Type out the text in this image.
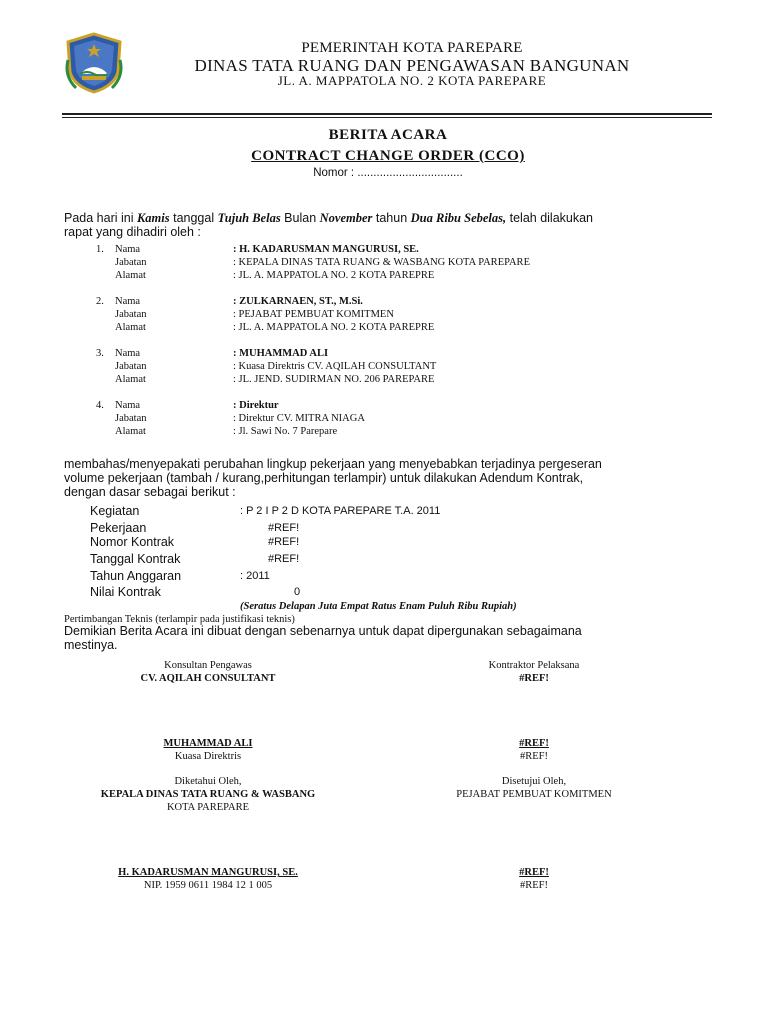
PEMERINTAH KOTA PAREPARE
DINAS TATA RUANG DAN PENGAWASAN BANGUNAN
JL. A. MAPPATOLA NO. 2 KOTA PAREPARE
BERITA ACARA
CONTRACT CHANGE ORDER (CCO)
Nomor : .................................
Pada hari ini Kamis tanggal Tujuh Belas Bulan November tahun Dua Ribu Sebelas, telah dilakukan
rapat yang dihadiri oleh :
1. Nama	: H. KADARUSMAN MANGURUSI, SE.
Jabatan	: KEPALA DINAS TATA RUANG & WASBANG KOTA PAREPARE
Alamat	: JL. A. MAPPATOLA NO. 2 KOTA PAREPRE
2. Nama	: ZULKARNAEN, ST., M.Si.
Jabatan	: PEJABAT PEMBUAT KOMITMEN
Alamat	: JL. A. MAPPATOLA NO. 2 KOTA PAREPRE
3. Nama	: MUHAMMAD ALI
Jabatan	: Kuasa Direktris CV. AQILAH CONSULTANT
Alamat	: JL. JEND. SUDIRMAN NO. 206 PAREPARE
4. Nama	: Direktur
Jabatan	: Direktur CV. MITRA NIAGA
Alamat	: Jl. Sawi No. 7 Parepare
membahas/menyepakati perubahan lingkup pekerjaan yang menyebabkan terjadinya pergeseran
volume pekerjaan (tambah / kurang,perhitungan terlampir) untuk dilakukan Adendum Kontrak,
dengan dasar sebagai berikut :
Kegiatan	: P 2 I P 2 D KOTA PAREPARE T.A. 2011
Pekerjaan	#REF!
Nomor Kontrak	#REF!
Tanggal Kontrak	#REF!
Tahun Anggaran	: 2011
Nilai Kontrak	0
(Seratus Delapan Juta Empat Ratus Enam Puluh Ribu Rupiah)
Pertimbangan Teknis (terlampir pada justifikasi teknis)
Demikian Berita Acara ini dibuat dengan sebenarnya untuk dapat dipergunakan sebagaimana
mestinya.
Konsultan Pengawas
CV. AQILAH CONSULTANT
Kontraktor Pelaksana
#REF!
MUHAMMAD ALI
Kuasa Direktris
#REF!
#REF!
Diketahui Oleh,
KEPALA DINAS TATA RUANG & WASBANG
KOTA PAREPARE
Disetujui Oleh,
PEJABAT PEMBUAT KOMITMEN
H. KADARUSMAN MANGURUSI, SE.
NIP. 1959 0611 1984 12 1 005
#REF!
#REF!
